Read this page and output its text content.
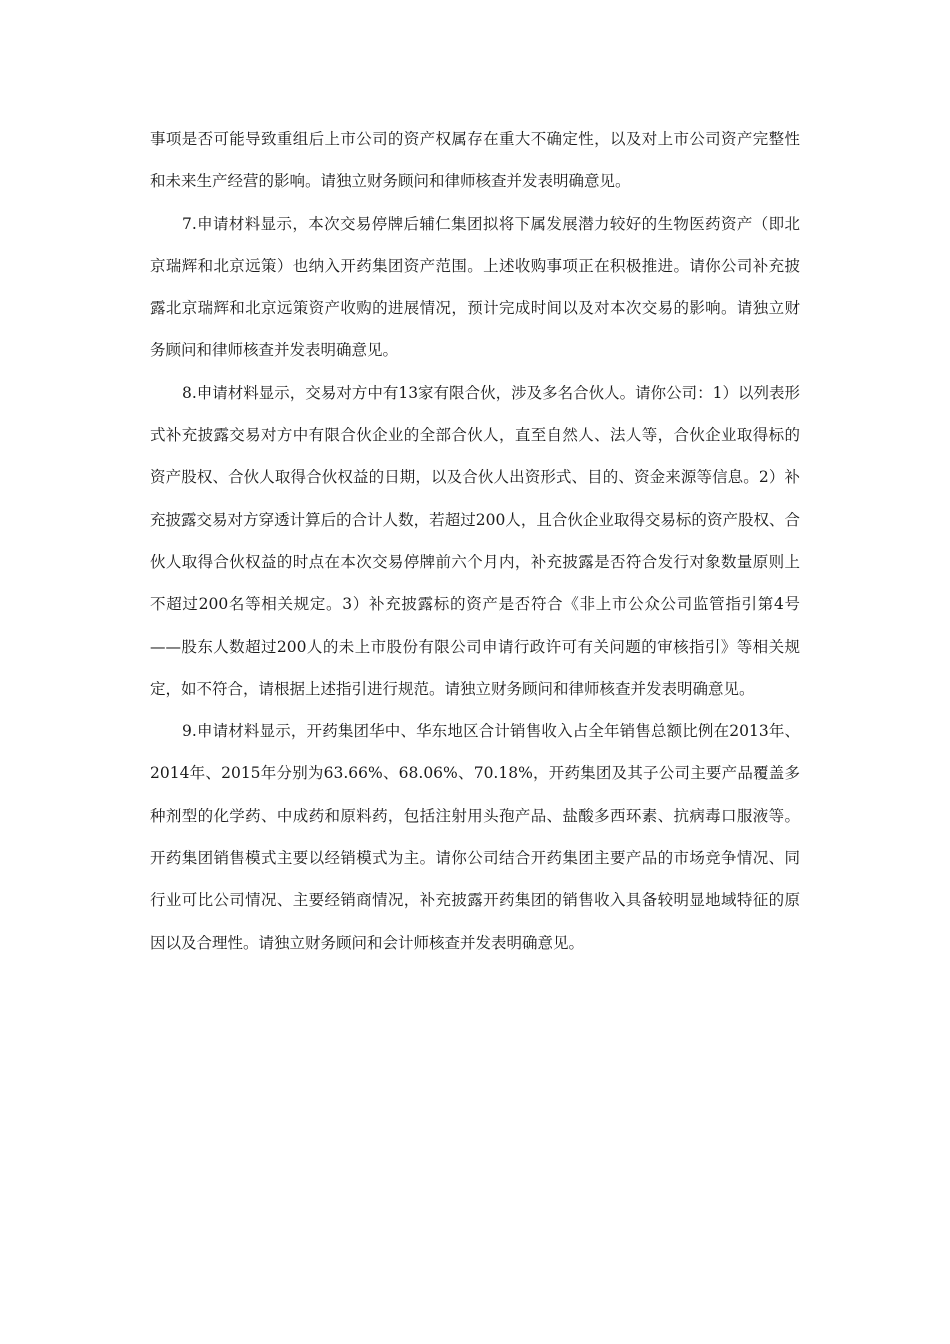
事项是否可能导致重组后上市公司的资产权属存在重大不确定性，以及对上市公司资产完整性和未来生产经营的影响。请独立财务顾问和律师核查并发表明确意见。

7.申请材料显示，本次交易停牌后辅仁集团拟将下属发展潜力较好的生物医药资产（即北京瑞辉和北京远策）也纳入开药集团资产范围。上述收购事项正在积极推进。请你公司补充披露北京瑞辉和北京远策资产收购的进展情况，预计完成时间以及对本次交易的影响。请独立财务顾问和律师核查并发表明确意见。

8.申请材料显示，交易对方中有13家有限合伙，涉及多名合伙人。请你公司：1）以列表形式补充披露交易对方中有限合伙企业的全部合伙人，直至自然人、法人等，合伙企业取得标的资产股权、合伙人取得合伙权益的日期，以及合伙人出资形式、目的、资金来源等信息。2）补充披露交易对方穿透计算后的合计人数，若超过200人，且合伙企业取得交易标的资产股权、合伙人取得合伙权益的时点在本次交易停牌前六个月内，补充披露是否符合发行对象数量原则上不超过200名等相关规定。3）补充披露标的资产是否符合《非上市公众公司监管指引第4号——股东人数超过200人的未上市股份有限公司申请行政许可有关问题的审核指引》等相关规定，如不符合，请根据上述指引进行规范。请独立财务顾问和律师核查并发表明确意见。

9.申请材料显示，开药集团华中、华东地区合计销售收入占全年销售总额比例在2013年、2014年、2015年分别为63.66%、68.06%、70.18%，开药集团及其子公司主要产品覆盖多种剂型的化学药、中成药和原料药，包括注射用头孢产品、盐酸多西环素、抗病毒口服液等。开药集团销售模式主要以经销模式为主。请你公司结合开药集团主要产品的市场竞争情况、同行业可比公司情况、主要经销商情况，补充披露开药集团的销售收入具备较明显地域特征的原因以及合理性。请独立财务顾问和会计师核查并发表明确意见。
